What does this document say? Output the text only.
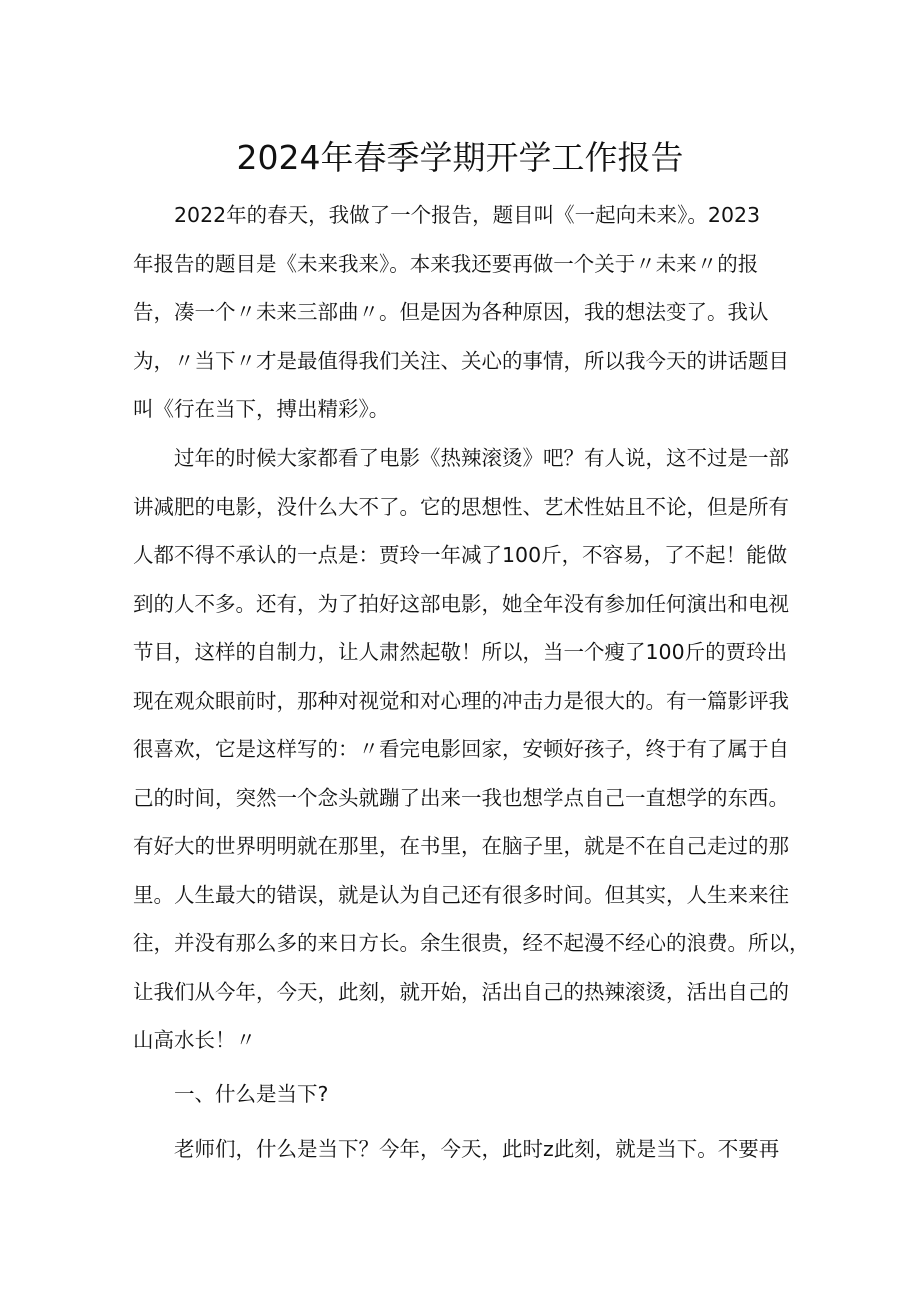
2024年春季学期开学工作报告
2022年的春天，我做了一个报告，题目叫《一起向未来》。2023
年报告的题目是《未来我来》。本来我还要再做一个关于〃未来〃的报
告，凑一个〃未来三部曲〃。但是因为各种原因，我的想法变了。我认
为，〃当下〃才是最值得我们关注、关心的事情，所以我今天的讲话题目
叫《行在当下，搏出精彩》。
过年的时候大家都看了电影《热辣滚烫》吧？有人说，这不过是一部
讲减肥的电影，没什么大不了。它的思想性、艺术性姑且不论，但是所有
人都不得不承认的一点是：贾玲一年减了100斤，不容易，了不起！能做
到的人不多。还有，为了拍好这部电影，她全年没有参加任何演出和电视
节目，这样的自制力，让人肃然起敬！所以，当一个瘦了100斤的贾玲出
现在观众眼前时，那种对视觉和对心理的冲击力是很大的。有一篇影评我
很喜欢，它是这样写的：〃看完电影回家，安顿好孩子，终于有了属于自
己的时间，突然一个念头就蹦了出来一我也想学点自己一直想学的东西。
有好大的世界明明就在那里，在书里，在脑子里，就是不在自己走过的那
里。人生最大的错误，就是认为自己还有很多时间。但其实，人生来来往
往，并没有那么多的来日方长。余生很贵，经不起漫不经心的浪费。所以，
让我们从今年，今天，此刻，就开始，活出自己的热辣滚烫，活出自己的
山高水长！〃
一、什么是当下?
老师们，什么是当下？今年，今天，此时z此刻，就是当下。不要再
